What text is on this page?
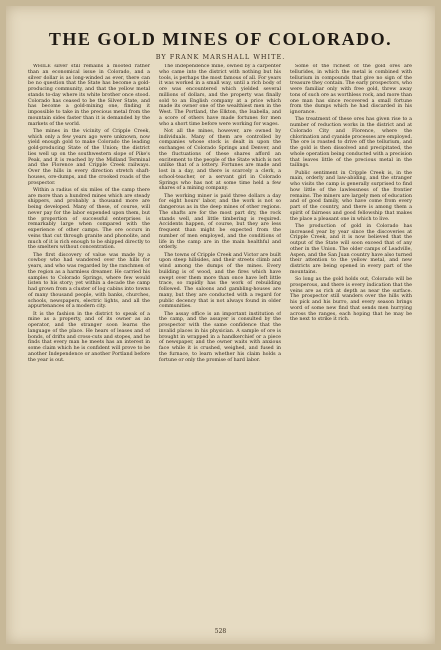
THE GOLD MINES OF COLORADO.
BY FRANK MARSHALL WHITE.

WHILE silver still remains a mooted rather than an economical issue in Colorado, and a silver dollar is as long-winded as ever, there can be no question that the State has become a gold-producing community, and that the yellow metal stands to-day where its white brother once stood. Colorado has ceased to be the Silver State, and has become a gold-mining one, finding it impossible to take in the precious metal from the mountain sides faster than it is demanded by the markets of the world.

The mines in the vicinity of Cripple Creek, which only a few years ago were unknown, now yield enough gold to make Colorado the leading gold-producing State of the Union; the district lies well up on the southwestern slope of Pike's Peak, and it is reached by the Midland Terminal and the Florence and Cripple Creek railways. Over the hills in every direction stretch shaft-houses, ore-dumps, and the crooked roads of the prospector.

Within a radius of six miles of the camp there are more than a hundred mines which are steady shippers, and probably a thousand more are being developed. Many of these, of course, will never pay for the labor expended upon them, but the proportion of successful enterprises is remarkably large when compared with the experience of other camps. The ore occurs in veins that cut through granite and phonolite, and much of it is rich enough to be shipped directly to the smelters without concentration.

The first discovery of value was made by a cowboy who had wandered over the hills for years, and who was regarded by the ranchmen of the region as a harmless dreamer. He carried his samples to Colorado Springs, where few would listen to his story; yet within a decade the camp had grown from a cluster of log cabins into towns of many thousand people, with banks, churches, schools, newspapers, electric lights, and all the appurtenances of a modern city.

It is the fashion in the district to speak of a mine as a property, and of its owner as an operator, and the stranger soon learns the language of the place. He hears of leases and of bonds, of drifts and cross-cuts and stopes, and he finds that every man he meets has an interest in some claim which he is confident will prove to be another Independence or another Portland before the year is out.

The Independence mine, owned by a carpenter who came into the district with nothing but his tools, is perhaps the most famous of all. For years it was worked in a small way, until a rich body of ore was encountered which yielded several millions of dollars, and the property was finally sold to an English company at a price which made its owner one of the wealthiest men in the West. The Portland, the Elkton, the Isabella, and a score of others have made fortunes for men who a short time before were working for wages.

Not all the mines, however, are owned by individuals. Many of them are controlled by companies whose stock is dealt in upon the exchanges of Colorado Springs and Denver, and the fluctuations of these shares afford an excitement to the people of the State which is not unlike that of a lottery. Fortunes are made and lost in a day, and there is scarcely a clerk, a school-teacher, or a servant girl in Colorado Springs who has not at some time held a few shares of a mining company.

The working miner is paid three dollars a day for eight hours' labor, and the work is not so dangerous as in the deep mines of other regions. The shafts are for the most part dry, the rock stands well, and little timbering is required. Accidents happen, of course, but they are less frequent than might be expected from the number of men employed, and the conditions of life in the camp are in the main healthful and orderly.

The towns of Cripple Creek and Victor are built upon steep hillsides, and their streets climb and wind among the dumps of the mines. Every building is of wood, and the fires which have swept over them more than once have left little trace, so rapidly has the work of rebuilding followed. The saloons and gambling-houses are many, but they are conducted with a regard for public decency that is not always found in older communities.

The assay office is an important institution of the camp, and the assayer is consulted by the prospector with the same confidence that the invalid places in his physician. A sample of ore is brought in wrapped in a handkerchief or a piece of newspaper, and the owner waits with anxious face while it is crushed, weighed, and fused in the furnace, to learn whether his claim holds a fortune or only the promise of hard labor.

Some of the richest of the gold ores are tellurides, in which the metal is combined with tellurium in compounds that give no sign of the treasure they contain. The early prospectors, who were familiar only with free gold, threw away tons of such ore as worthless rock, and more than one man has since recovered a small fortune from the dumps which he had discarded in his ignorance.

The treatment of these ores has given rise to a number of reduction works in the district and at Colorado City and Florence, where the chlorination and cyanide processes are employed. The ore is roasted to drive off the tellurium, and the gold is then dissolved and precipitated, the whole operation being conducted with a precision that leaves little of the precious metal in the tailings.

Public sentiment in Cripple Creek is, in the main, orderly and law-abiding, and the stranger who visits the camp is generally surprised to find how little of the lawlessness of the frontier remains. The miners are largely men of education and of good family, who have come from every part of the country, and there is among them a spirit of fairness and good fellowship that makes the place a pleasant one in which to live.

The production of gold in Colorado has increased year by year since the discoveries at Cripple Creek, and it is now believed that the output of the State will soon exceed that of any other in the Union. The older camps of Leadville, Aspen, and the San Juan country have also turned their attention to the yellow metal, and new districts are being opened in every part of the mountains.

So long as the gold holds out, Colorado will be prosperous, and there is every indication that the veins are as rich at depth as near the surface. The prospector still wanders over the hills with his pick and his burro, and every season brings word of some new find that sends men hurrying across the ranges, each hoping that he may be the next to strike it rich.

528
